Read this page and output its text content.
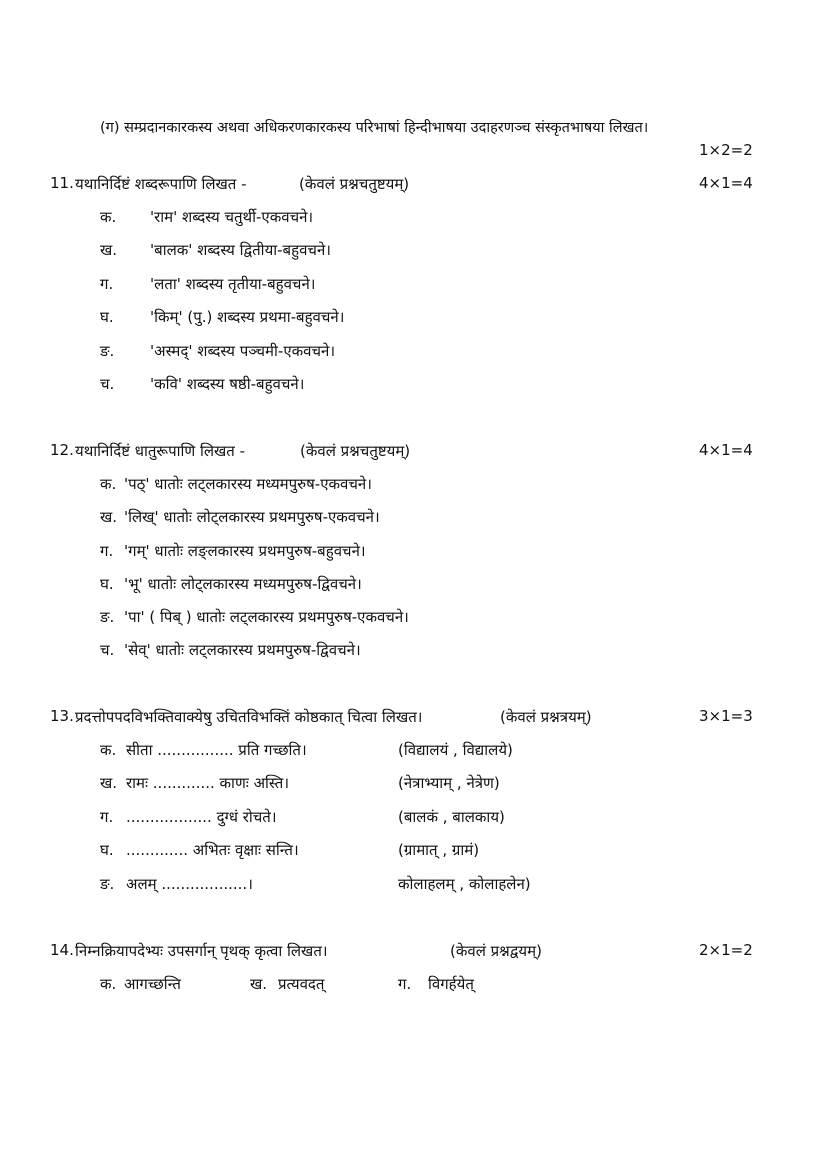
(ग) सम्प्रदानकारकस्य अथवा अधिकरणकारकस्य परिभाषां हिन्दीभाषया उदाहरणञ्च संस्कृतभाषया लिखत।
1×2=2
11. यथानिर्दिष्टं शब्दरूपाणि लिखत -	(केवलं प्रश्नचतुष्टयम्)	4×1=4
क. 'राम' शब्दस्य चतुर्थी-एकवचने।
ख. 'बालक' शब्दस्य द्वितीया-बहुवचने।
ग. 'लता' शब्दस्य तृतीया-बहुवचने।
घ. 'किम्' (पु.) शब्दस्य प्रथमा-बहुवचने।
ङ. 'अस्मद्' शब्दस्य पञ्चमी-एकवचने।
च. 'कवि' शब्दस्य षष्ठी-बहुवचने।
12. यथानिर्दिष्टं धातुरूपाणि लिखत -	(केवलं प्रश्नचतुष्टयम्)	4×1=4
क. 'पठ्' धातोः लट्लकारस्य मध्यमपुरुष-एकवचने।
ख. 'लिख्' धातोः लोट्लकारस्य प्रथमपुरुष-एकवचने।
ग. 'गम्' धातोः लङ्लकारस्य प्रथमपुरुष-बहुवचने।
घ. 'भू' धातोः लोट्लकारस्य मध्यमपुरुष-द्विवचने।
ङ. 'पा' ( पिब् ) धातोः लट्लकारस्य प्रथमपुरुष-एकवचने।
च. 'सेव्' धातोः लट्लकारस्य प्रथमपुरुष-द्विवचने।
13. प्रदत्तोपपदविभक्तिवाक्येषु उचितविभक्तिं कोष्ठकात् चित्वा लिखत।	(केवलं प्रश्नत्रयम्)	3×1=3
क. सीता ................ प्रति गच्छति।	(विद्यालयं , विद्यालये)
ख. रामः ............. काणः अस्ति।	(नेत्राभ्याम् , नेत्रेण)
ग. .................. दुग्धं रोचते।	(बालकं , बालकाय)
घ. ............. अभितः वृक्षाः सन्ति।	(ग्रामात् , ग्रामं)
ङ. अलम् ..................।	कोलाहलम् , कोलाहलेन)
14. निम्नक्रियापदेभ्यः उपसर्गान् पृथक् कृत्वा लिखत।	(केवलं प्रश्नद्वयम्)	2×1=2
क. आगच्छन्ति	ख. प्रत्यवदत्	ग. विगर्हयेत्
